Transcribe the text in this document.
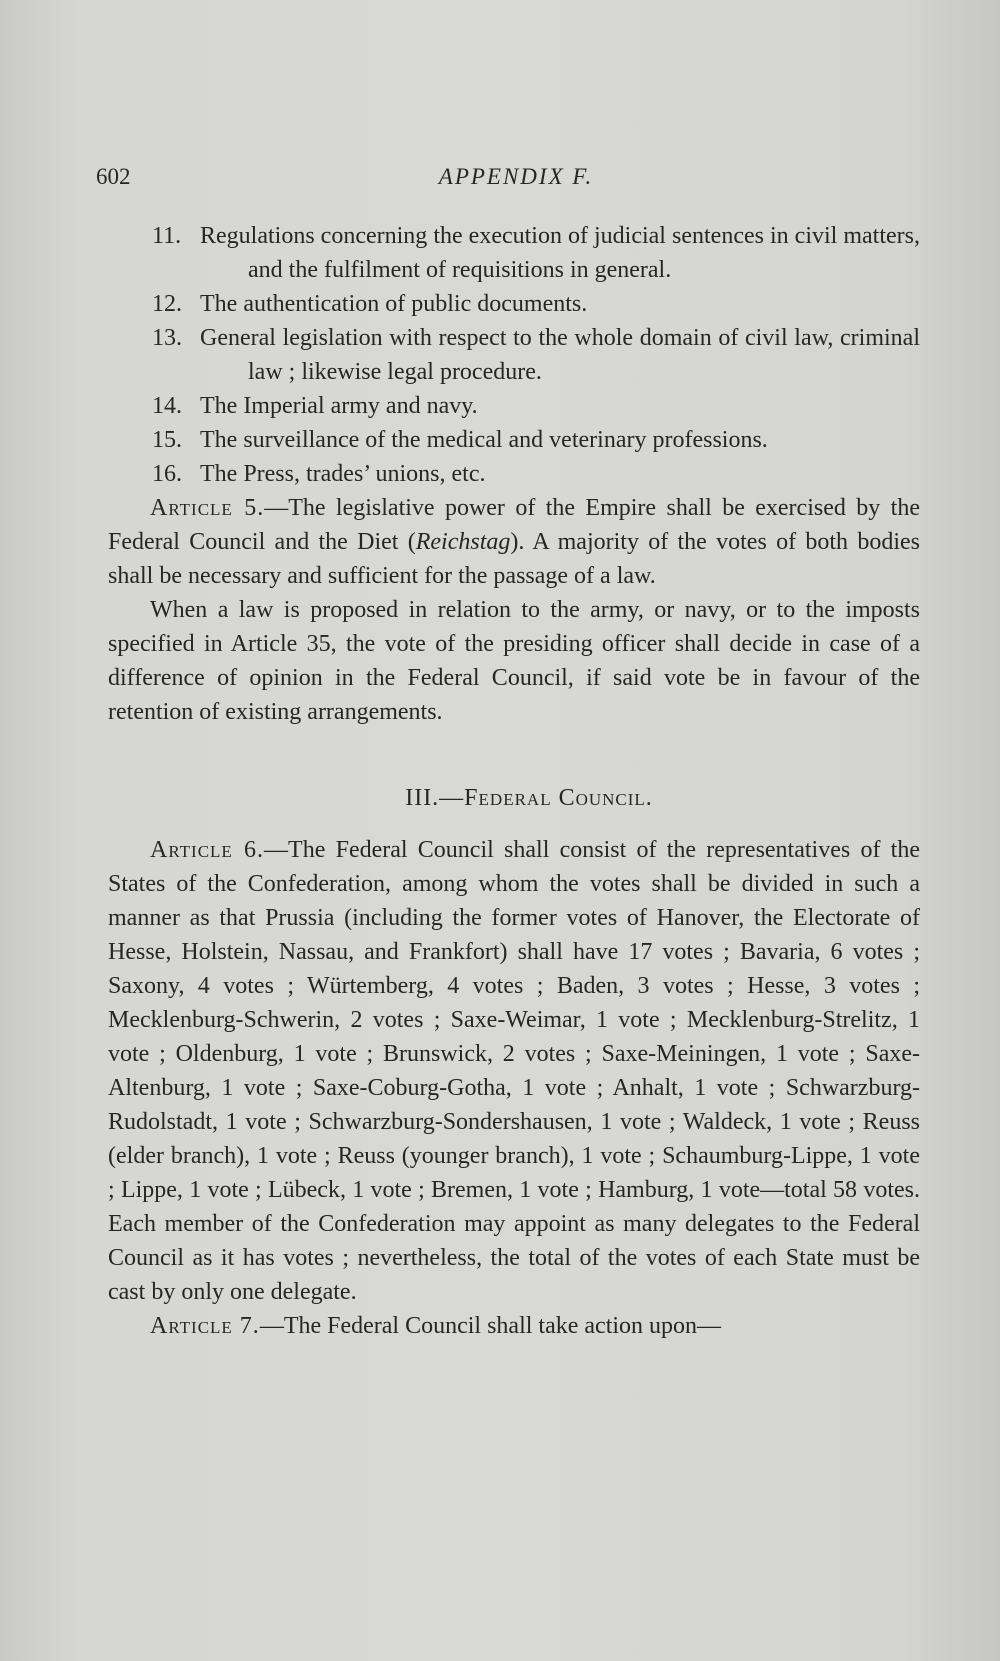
602	APPENDIX F.
11. Regulations concerning the execution of judicial sentences in civil matters, and the fulfilment of requisitions in general.
12. The authentication of public documents.
13. General legislation with respect to the whole domain of civil law, criminal law ; likewise legal procedure.
14. The Imperial army and navy.
15. The surveillance of the medical and veterinary professions.
16. The Press, trades’ unions, etc.

Article 5.—The legislative power of the Empire shall be exercised by the Federal Council and the Diet (Reichstag). A majority of the votes of both bodies shall be necessary and sufficient for the passage of a law.

When a law is proposed in relation to the army, or navy, or to the imposts specified in Article 35, the vote of the presiding officer shall decide in case of a difference of opinion in the Federal Council, if said vote be in favour of the retention of existing arrangements.

III.—Federal Council.

Article 6.—The Federal Council shall consist of the representatives of the States of the Confederation, among whom the votes shall be divided in such a manner as that Prussia (including the former votes of Hanover, the Electorate of Hesse, Holstein, Nassau, and Frankfort) shall have 17 votes ; Bavaria, 6 votes ; Saxony, 4 votes ; Würtemberg, 4 votes ; Baden, 3 votes ; Hesse, 3 votes ; Mecklenburg-Schwerin, 2 votes ; Saxe-Weimar, 1 vote ; Mecklenburg-Strelitz, 1 vote ; Oldenburg, 1 vote ; Brunswick, 2 votes ; Saxe-Meiningen, 1 vote ; Saxe-Altenburg, 1 vote ; Saxe-Coburg-Gotha, 1 vote ; Anhalt, 1 vote ; Schwarzburg-Rudolstadt, 1 vote ; Schwarzburg-Sondershausen, 1 vote ; Waldeck, 1 vote ; Reuss (elder branch), 1 vote ; Reuss (younger branch), 1 vote ; Schaumburg-Lippe, 1 vote ; Lippe, 1 vote ; Lübeck, 1 vote ; Bremen, 1 vote ; Hamburg, 1 vote—total 58 votes. Each member of the Confederation may appoint as many delegates to the Federal Council as it has votes ; nevertheless, the total of the votes of each State must be cast by only one delegate.

Article 7.—The Federal Council shall take action upon—
